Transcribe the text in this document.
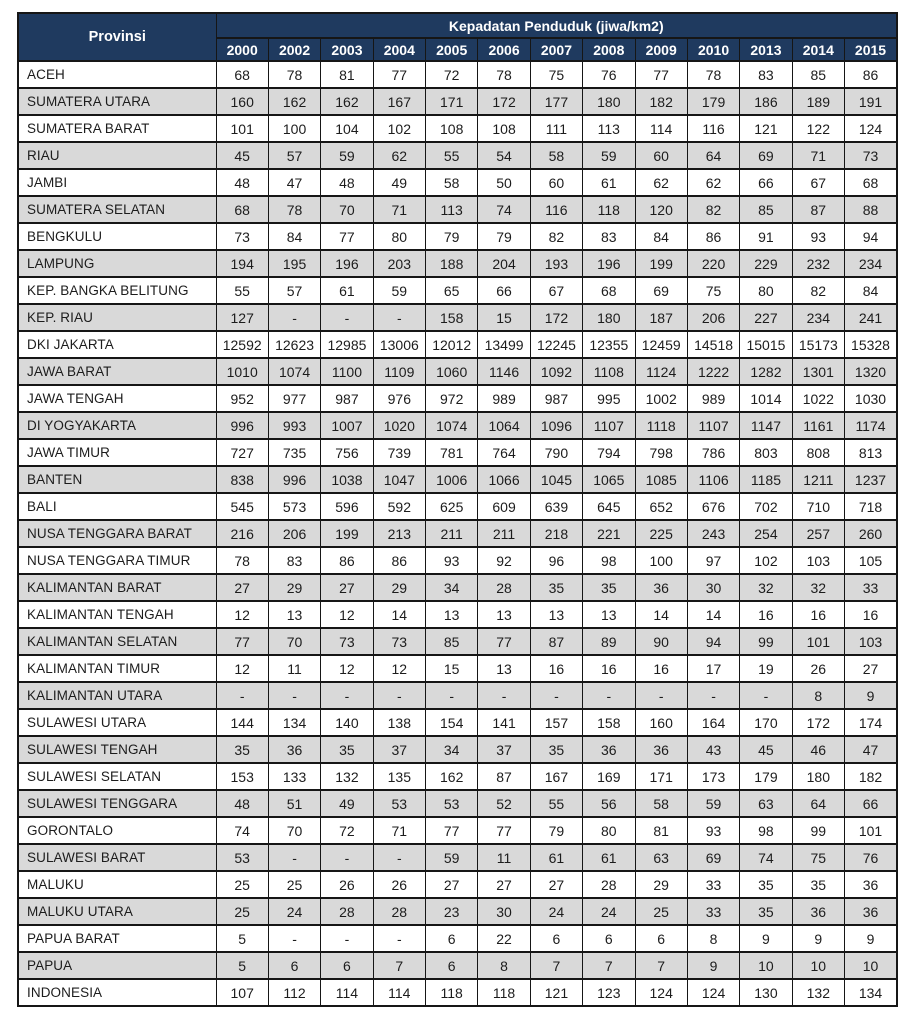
Provinsi	Kepadatan Penduduk (jiwa/km2)												
	2000	2002	2003	2004	2005	2006	2007	2008	2009	2010	2013	2014	2015
ACEH	68	78	81	77	72	78	75	76	77	78	83	85	86
SUMATERA UTARA	160	162	162	167	171	172	177	180	182	179	186	189	191
SUMATERA BARAT	101	100	104	102	108	108	111	113	114	116	121	122	124
RIAU	45	57	59	62	55	54	58	59	60	64	69	71	73
JAMBI	48	47	48	49	58	50	60	61	62	62	66	67	68
SUMATERA SELATAN	68	78	70	71	113	74	116	118	120	82	85	87	88
BENGKULU	73	84	77	80	79	79	82	83	84	86	91	93	94
LAMPUNG	194	195	196	203	188	204	193	196	199	220	229	232	234
KEP. BANGKA BELITUNG	55	57	61	59	65	66	67	68	69	75	80	82	84
KEP. RIAU	127	-	-	-	158	15	172	180	187	206	227	234	241
DKI JAKARTA	12592	12623	12985	13006	12012	13499	12245	12355	12459	14518	15015	15173	15328
JAWA BARAT	1010	1074	1100	1109	1060	1146	1092	1108	1124	1222	1282	1301	1320
JAWA TENGAH	952	977	987	976	972	989	987	995	1002	989	1014	1022	1030
DI YOGYAKARTA	996	993	1007	1020	1074	1064	1096	1107	1118	1107	1147	1161	1174
JAWA TIMUR	727	735	756	739	781	764	790	794	798	786	803	808	813
BANTEN	838	996	1038	1047	1006	1066	1045	1065	1085	1106	1185	1211	1237
BALI	545	573	596	592	625	609	639	645	652	676	702	710	718
NUSA TENGGARA BARAT	216	206	199	213	211	211	218	221	225	243	254	257	260
NUSA TENGGARA TIMUR	78	83	86	86	93	92	96	98	100	97	102	103	105
KALIMANTAN BARAT	27	29	27	29	34	28	35	35	36	30	32	32	33
KALIMANTAN TENGAH	12	13	12	14	13	13	13	13	14	14	16	16	16
KALIMANTAN SELATAN	77	70	73	73	85	77	87	89	90	94	99	101	103
KALIMANTAN TIMUR	12	11	12	12	15	13	16	16	16	17	19	26	27
KALIMANTAN UTARA	-	-	-	-	-	-	-	-	-	-	-	8	9
SULAWESI UTARA	144	134	140	138	154	141	157	158	160	164	170	172	174
SULAWESI TENGAH	35	36	35	37	34	37	35	36	36	43	45	46	47
SULAWESI SELATAN	153	133	132	135	162	87	167	169	171	173	179	180	182
SULAWESI TENGGARA	48	51	49	53	53	52	55	56	58	59	63	64	66
GORONTALO	74	70	72	71	77	77	79	80	81	93	98	99	101
SULAWESI BARAT	53	-	-	-	59	11	61	61	63	69	74	75	76
MALUKU	25	25	26	26	27	27	27	28	29	33	35	35	36
MALUKU UTARA	25	24	28	28	23	30	24	24	25	33	35	36	36
PAPUA BARAT	5	-	-	-	6	22	6	6	6	8	9	9	9
PAPUA	5	6	6	7	6	8	7	7	7	9	10	10	10
INDONESIA	107	112	114	114	118	118	121	123	124	124	130	132	134
